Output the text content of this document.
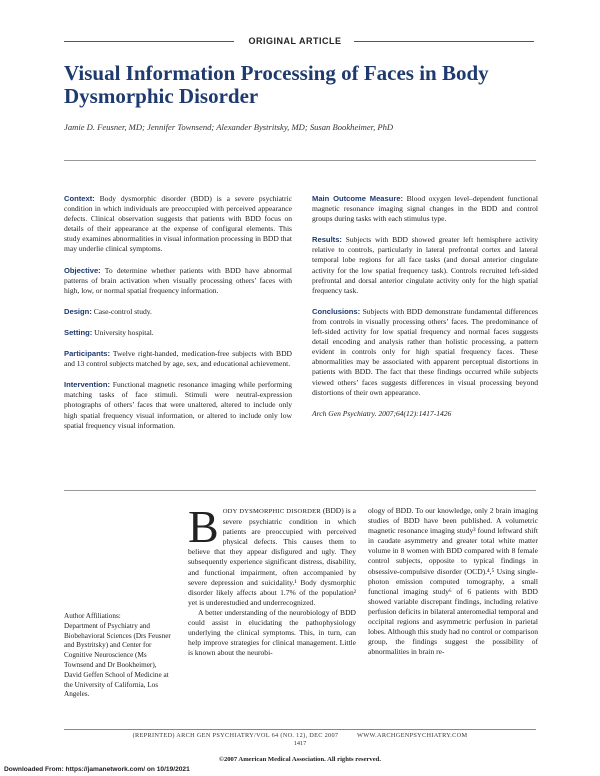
ORIGINAL ARTICLE
Visual Information Processing of Faces in Body Dysmorphic Disorder
Jamie D. Feusner, MD; Jennifer Townsend; Alexander Bystritsky, MD; Susan Bookheimer, PhD

Context: Body dysmorphic disorder (BDD) is a severe psychiatric condition in which individuals are preoccupied with perceived appearance defects. Clinical observation suggests that patients with BDD focus on details of their appearance at the expense of configural elements. This study examines abnormalities in visual information processing in BDD that may underlie clinical symptoms.

Objective: To determine whether patients with BDD have abnormal patterns of brain activation when visually processing others’ faces with high, low, or normal spatial frequency information.

Design: Case-control study.

Setting: University hospital.

Participants: Twelve right-handed, medication-free subjects with BDD and 13 control subjects matched by age, sex, and educational achievement.

Intervention: Functional magnetic resonance imaging while performing matching tasks of face stimuli. Stimuli were neutral-expression photographs of others’ faces that were unaltered, altered to include only high spatial frequency visual information, or altered to include only low spatial frequency visual information.

Main Outcome Measure: Blood oxygen level–dependent functional magnetic resonance imaging signal changes in the BDD and control groups during tasks with each stimulus type.

Results: Subjects with BDD showed greater left hemisphere activity relative to controls, particularly in lateral prefrontal cortex and lateral temporal lobe regions for all face tasks (and dorsal anterior cingulate activity for the low spatial frequency task). Controls recruited left-sided prefrontal and dorsal anterior cingulate activity only for the high spatial frequency task.

Conclusions: Subjects with BDD demonstrate fundamental differences from controls in visually processing others’ faces. The predominance of left-sided activity for low spatial frequency and normal faces suggests detail encoding and analysis rather than holistic processing, a pattern evident in controls only for high spatial frequency faces. These abnormalities may be associated with apparent perceptual distortions in patients with BDD. The fact that these findings occurred while subjects viewed others’ faces suggests differences in visual processing beyond distortions of their own appearance.

Arch Gen Psychiatry. 2007;64(12):1417-1426

Author Affiliations:
Department of Psychiatry and Biobehavioral Sciences (Drs Feusner and Bystritsky) and Center for Cognitive Neuroscience (Ms Townsend and Dr Bookheimer), David Geffen School of Medicine at the University of California, Los Angeles.

BODY DYSMORPHIC DISORDER (BDD) is a severe psychiatric condition in which patients are preoccupied with perceived physical defects. This causes them to believe that they appear disfigured and ugly. They subsequently experience significant distress, disability, and functional impairment, often accompanied by severe depression and suicidality.¹ Body dysmorphic disorder likely affects about 1.7% of the population² yet is underestudied and underrecognized.

A better understanding of the neurobiology of BDD could assist in elucidating the pathophysiology underlying the clinical symptoms. This, in turn, can help improve strategies for clinical management. Little is known about the neurobi-

ology of BDD. To our knowledge, only 2 brain imaging studies of BDD have been published. A volumetric magnetic resonance imaging study³ found leftward shift in caudate asymmetry and greater total white matter volume in 8 women with BDD compared with 8 female control subjects, opposite to typical findings in obsessive-compulsive disorder (OCD).⁴,⁵ Using single-photon emission computed tomography, a small functional imaging study⁶ of 6 patients with BDD showed variable discrepant findings, including relative perfusion deficits in bilateral anteromedial temporal and occipital regions and asymmetric perfusion in parietal lobes. Although this study had no control or comparison group, the findings suggest the possibility of abnormalities in brain re-

(REPRINTED) ARCH GEN PSYCHIATRY/VOL 64 (NO. 12), DEC 2007          WWW.ARCHGENPSYCHIATRY.COM
1417
©2007 American Medical Association. All rights reserved.
Downloaded From: https://jamanetwork.com/ on 10/19/2021
